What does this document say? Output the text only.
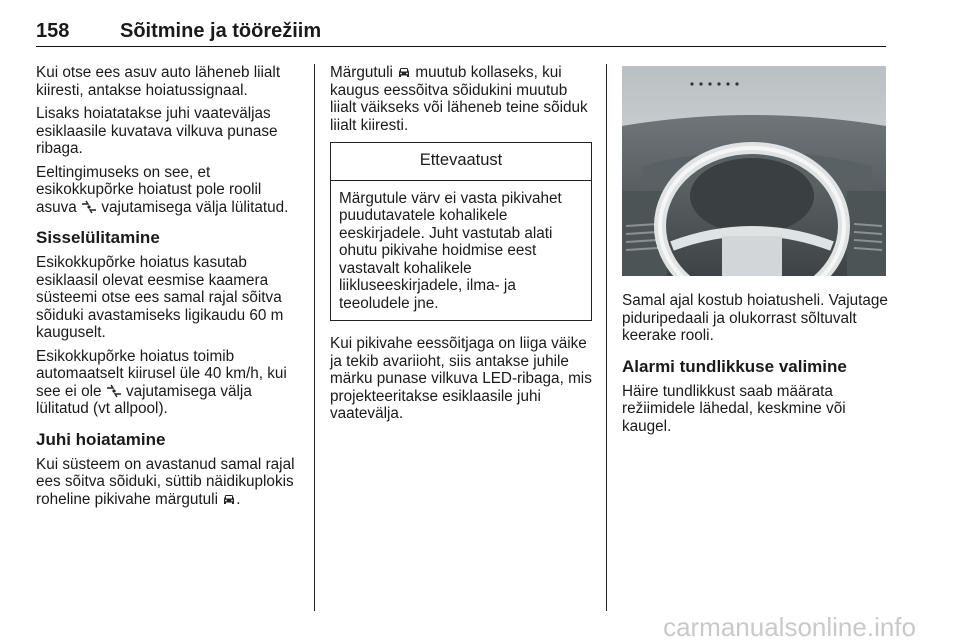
158	Sõitmine ja töörežiim

Kui otse ees asuv auto läheneb liialt kiiresti, antakse hoiatussignaal.

Lisaks hoiatatakse juhi vaateväljas esiklaasile kuvatava vilkuva punase ribaga.

Eeltingimuseks on see, et esikokkupõrke hoiatust pole roolil asuva vajutamisega välja lülitatud.

Sisselülitamine

Esikokkupõrke hoiatus kasutab esiklaasil olevat eesmise kaamera süsteemi otse ees samal rajal sõitva sõiduki avastamiseks ligikaudu 60 m kauguselt.

Esikokkupõrke hoiatus toimib automaatselt kiirusel üle 40 km/h, kui see ei ole vajutamisega välja lülitatud (vt allpool).

Juhi hoiatamine

Kui süsteem on avastanud samal rajal ees sõitva sõiduki, süttib näidikuplokis roheline pikivahe märgutuli .

Märgutuli muutub kollaseks, kui kaugus eessõitva sõidukini muutub liialt väikseks või läheneb teine sõiduk liialt kiiresti.

Ettevaatust
Märgutule värv ei vasta pikivahet puudutavatele kohalikele eeskirjadele. Juht vastutab alati ohutu pikivahe hoidmise eest vastavalt kohalikele liikluseeskirjadele, ilma- ja teeoludele jne.

Kui pikivahe eessõitjaga on liiga väike ja tekib avariioht, siis antakse juhile märku punase vilkuva LED-ribaga, mis projekteeritakse esiklaasile juhi vaatevälja.

Samal ajal kostub hoiatusheli. Vajutage piduripedaali ja olukorrast sõltuvalt keerake rooli.

Alarmi tundlikkuse valimine

Häire tundlikkust saab määrata režiimidele lähedal, keskmine või kaugel.

carmanualsonline.info
